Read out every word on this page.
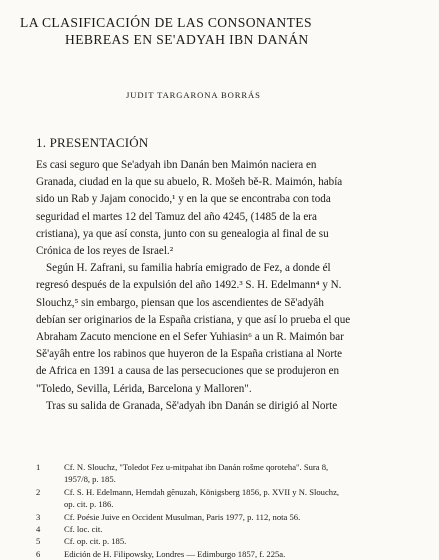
LA CLASIFICACIÓN DE LAS CONSONANTES
HEBREAS EN SE'ADYAH IBN DANÁN
JUDIT TARGARONA BORRÁS
1. PRESENTACIÓN
Es casi seguro que Se'adyah ibn Danán ben Maimón naciera en
Granada, ciudad en la que su abuelo, R. Mošeh bě-R. Maimón, había
sido un Rab y Jajam conocido,¹ y en la que se encontraba con toda
seguridad el martes 12 del Tamuz del año 4245, (1485 de la era
cristiana), ya que así consta, junto con su genealogia al final de su
Crónica de los reyes de Israel.²
Según H. Zafrani, su familia habría emigrado de Fez, a donde él
regresó después de la expulsión del año 1492.³ S. H. Edelmann⁴ y N.
Slouchz,⁵ sin embargo, piensan que los ascendientes de Sĕ'adyâh
debían ser originarios de la España cristiana, y que así lo prueba el que
Abraham Zacuto mencione en el Sefer Yuhiasin⁶ a un R. Maimón bar
Sĕ'ayâh entre los rabinos que huyeron de la España cristiana al Norte
de Africa en 1391 a causa de las persecuciones que se produjeron en
"Toledo, Sevilla, Lérida, Barcelona y Malloren".
Tras su salida de Granada, Sĕ'adyah ibn Danán se dirigió al Norte
1	Cf. N. Slouchz, "Toledot Fez u-mitpahat ibn Danán rošme qoroteha". Sura 8,
1957/8, p. 185.
2	Cf. S. H. Edelmann, Hemdah gĕnuzah, Königsberg 1856, p. XVII y N. Slouchz,
op. cit. p. 186.
3	Cf. Poésie Juive en Occident Musulman, Paris 1977, p. 112, nota 56.
4	Cf. loc. cit.
5	Cf. op. cit. p. 185.
6	Edición de H. Filipowsky, Londres — Edimburgo 1857, f. 225a.
